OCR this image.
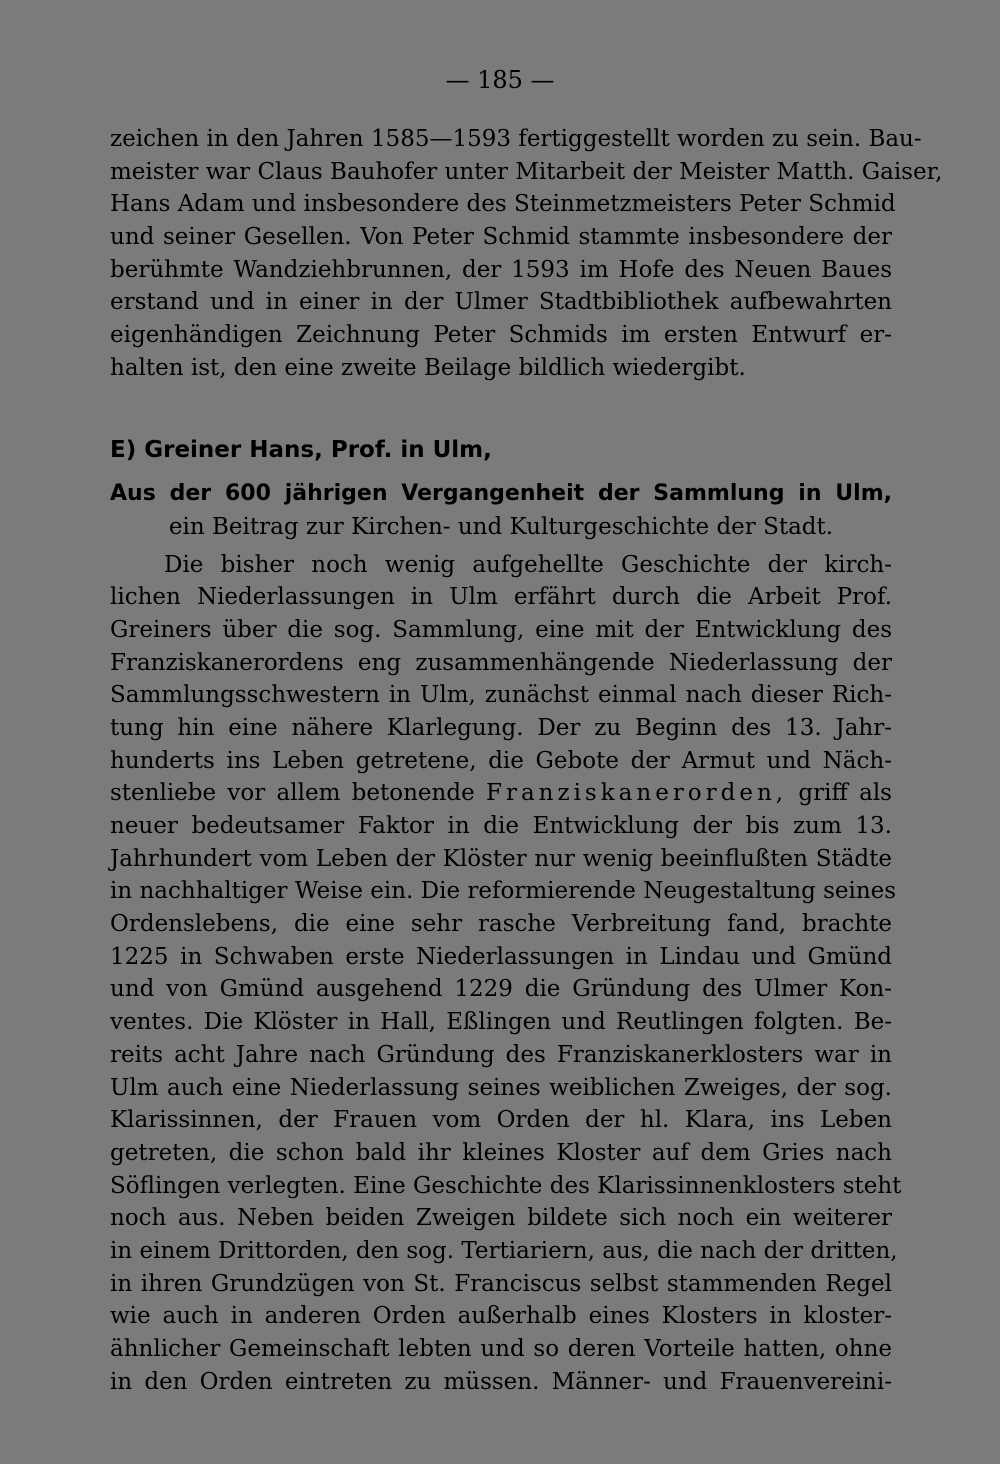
— 185 —
zeichen in den Jahren 1585—1593 fertiggestellt worden zu sein. Bau-
meister war Claus Bauhofer unter Mitarbeit der Meister Matth. Gaiser,
Hans Adam und insbesondere des Steinmetzmeisters Peter Schmid
und seiner Gesellen. Von Peter Schmid stammte insbesondere der
berühmte Wandziehbrunnen, der 1593 im Hofe des Neuen Baues
erstand und in einer in der Ulmer Stadtbibliothek aufbewahrten
eigenhändigen Zeichnung Peter Schmids im ersten Entwurf er-
halten ist, den eine zweite Beilage bildlich wiedergibt.
E) Greiner Hans, Prof. in Ulm,
Aus der 600 jährigen Vergangenheit der Sammlung in Ulm,
ein Beitrag zur Kirchen- und Kulturgeschichte der Stadt.
Die bisher noch wenig aufgehellte Geschichte der kirch-
lichen Niederlassungen in Ulm erfährt durch die Arbeit Prof.
Greiners über die sog. Sammlung, eine mit der Entwicklung des
Franziskanerordens eng zusammenhängende Niederlassung der
Sammlungsschwestern in Ulm, zunächst einmal nach dieser Rich-
tung hin eine nähere Klarlegung. Der zu Beginn des 13. Jahr-
hunderts ins Leben getretene, die Gebote der Armut und Näch-
stenliebe vor allem betonende Franziskanerorden, griff als
neuer bedeutsamer Faktor in die Entwicklung der bis zum 13.
Jahrhundert vom Leben der Klöster nur wenig beeinflußten Städte
in nachhaltiger Weise ein. Die reformierende Neugestaltung seines
Ordenslebens, die eine sehr rasche Verbreitung fand, brachte
1225 in Schwaben erste Niederlassungen in Lindau und Gmünd
und von Gmünd ausgehend 1229 die Gründung des Ulmer Kon-
ventes. Die Klöster in Hall, Eßlingen und Reutlingen folgten. Be-
reits acht Jahre nach Gründung des Franziskanerklosters war in
Ulm auch eine Niederlassung seines weiblichen Zweiges, der sog.
Klarissinnen, der Frauen vom Orden der hl. Klara, ins Leben
getreten, die schon bald ihr kleines Kloster auf dem Gries nach
Söflingen verlegten. Eine Geschichte des Klarissinnenklosters steht
noch aus. Neben beiden Zweigen bildete sich noch ein weiterer
in einem Drittorden, den sog. Tertiariern, aus, die nach der dritten,
in ihren Grundzügen von St. Franciscus selbst stammenden Regel
wie auch in anderen Orden außerhalb eines Klosters in kloster-
ähnlicher Gemeinschaft lebten und so deren Vorteile hatten, ohne
in den Orden eintreten zu müssen. Männer- und Frauenvereini-
